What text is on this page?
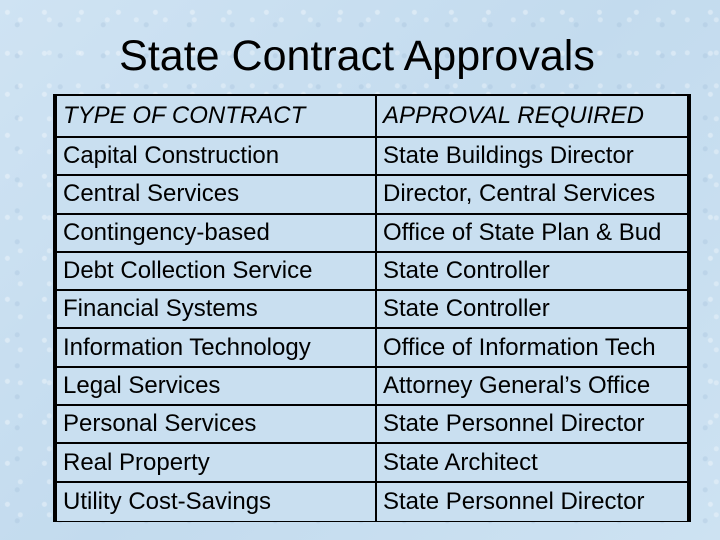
State Contract Approvals
TYPE OF CONTRACT	APPROVAL REQUIRED
Capital Construction	State Buildings Director
Central Services	Director, Central Services
Contingency-based	Office of State Plan & Bud
Debt Collection Service	State Controller
Financial Systems	State Controller
Information Technology	Office of Information Tech
Legal Services	Attorney General’s Office
Personal Services	State Personnel Director
Real Property	State Architect
Utility Cost-Savings	State Personnel Director
